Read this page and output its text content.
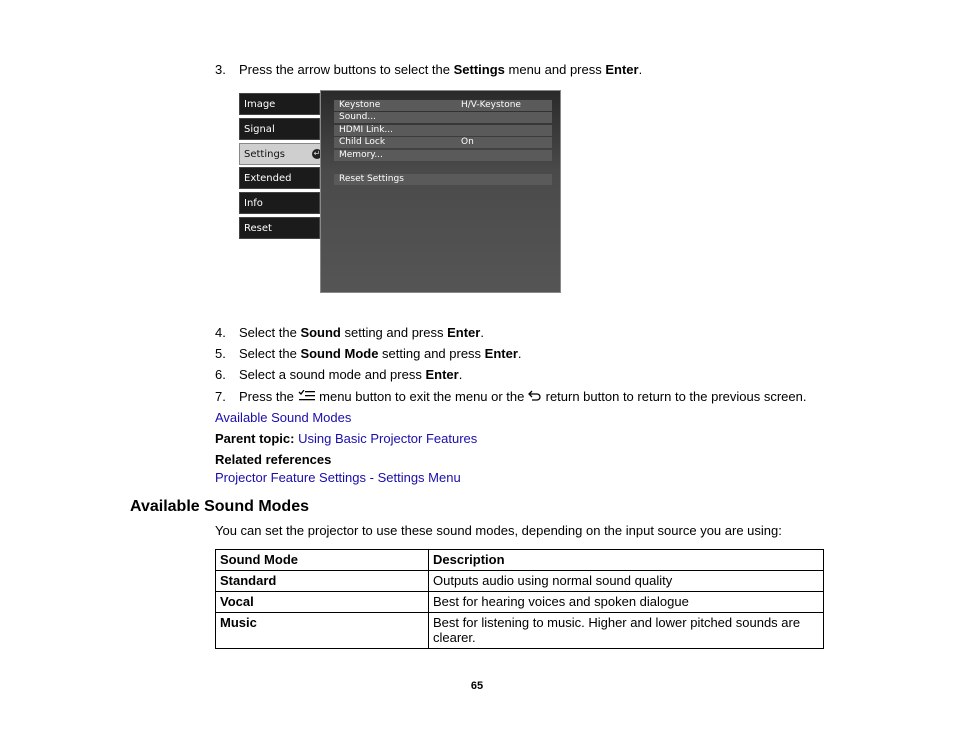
3.	Press the arrow buttons to select the Settings menu and press Enter.
Image
Signal
Settings	↵
Extended
Info
Reset
Keystone	H/V-Keystone
Sound...
HDMI Link...
Child Lock	On
Memory...
Reset Settings
4.	Select the Sound setting and press Enter.
5.	Select the Sound Mode setting and press Enter.
6.	Select a sound mode and press Enter.
7.	Press the  menu button to exit the menu or the  return button to return to the previous screen.
Available Sound Modes
Parent topic: Using Basic Projector Features
Related references
Projector Feature Settings - Settings Menu
Available Sound Modes
You can set the projector to use these sound modes, depending on the input source you are using:
Sound Mode	Description
Standard	Outputs audio using normal sound quality
Vocal	Best for hearing voices and spoken dialogue
Music	Best for listening to music. Higher and lower pitched sounds are clearer.
65
